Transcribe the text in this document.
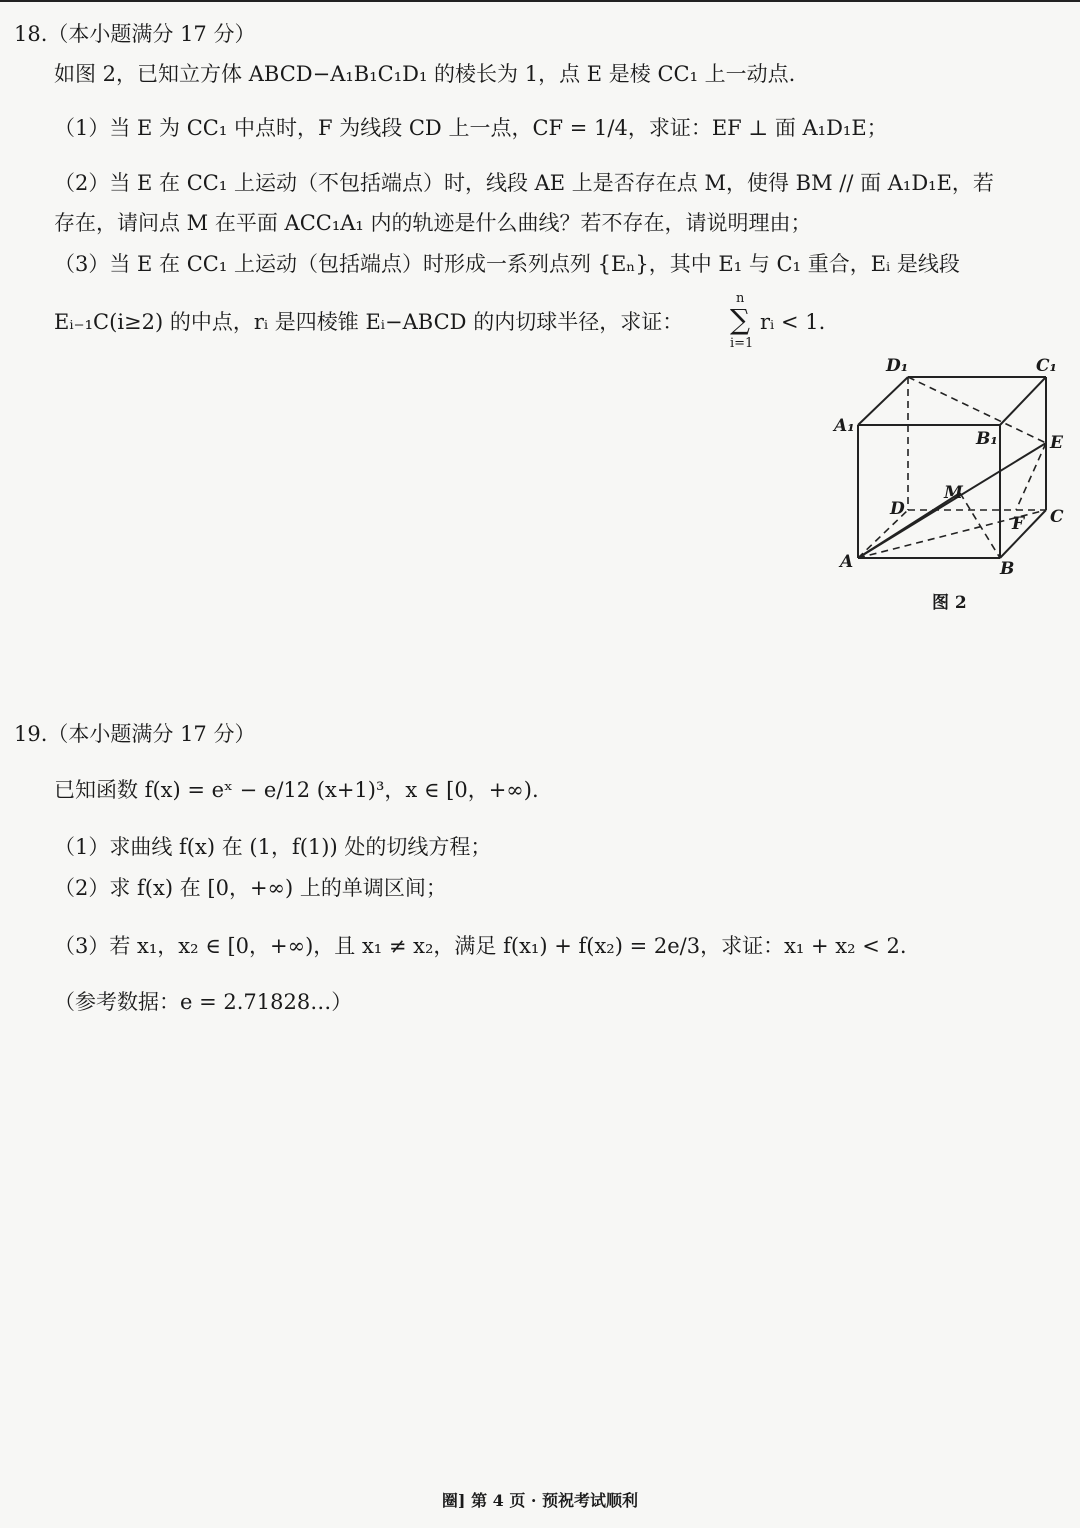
18.（本小题满分 17 分）
如图 2，已知立方体 ABCD−A₁B₁C₁D₁ 的棱长为 1，点 E 是棱 CC₁ 上一动点.
（1）当 E 为 CC₁ 中点时，F 为线段 CD 上一点，CF = 1/4，求证：EF ⊥ 面 A₁D₁E；
（2）当 E 在 CC₁ 上运动（不包括端点）时，线段 AE 上是否存在点 M，使得 BM // 面 A₁D₁E，若
存在，请问点 M 在平面 ACC₁A₁ 内的轨迹是什么曲线？若不存在，请说明理由；
（3）当 E 在 CC₁ 上运动（包括端点）时形成一系列点列 {Eₙ}，其中 E₁ 与 C₁ 重合，Eᵢ 是线段
Eᵢ₋₁C(i≥2) 的中点，rᵢ 是四棱锥 Eᵢ−ABCD 的内切球半径，求证：
n
∑
i=1
rᵢ < 1.
D₁	C₁
A₁
B₁	E
M
D
F C
A	B
图 2
19.（本小题满分 17 分）
已知函数 f(x) = eˣ − e/12 (x+1)³，x ∈ [0，+∞).
（1）求曲线 f(x) 在 (1，f(1)) 处的切线方程；
（2）求 f(x) 在 [0，+∞) 上的单调区间；
（3）若 x₁，x₂ ∈ [0，+∞)，且 x₁ ≠ x₂，满足 f(x₁) + f(x₂) = 2e/3，求证：x₁ + x₂ < 2.
（参考数据：e = 2.71828…）
圈] 第 4 页 · 预祝考试顺利
